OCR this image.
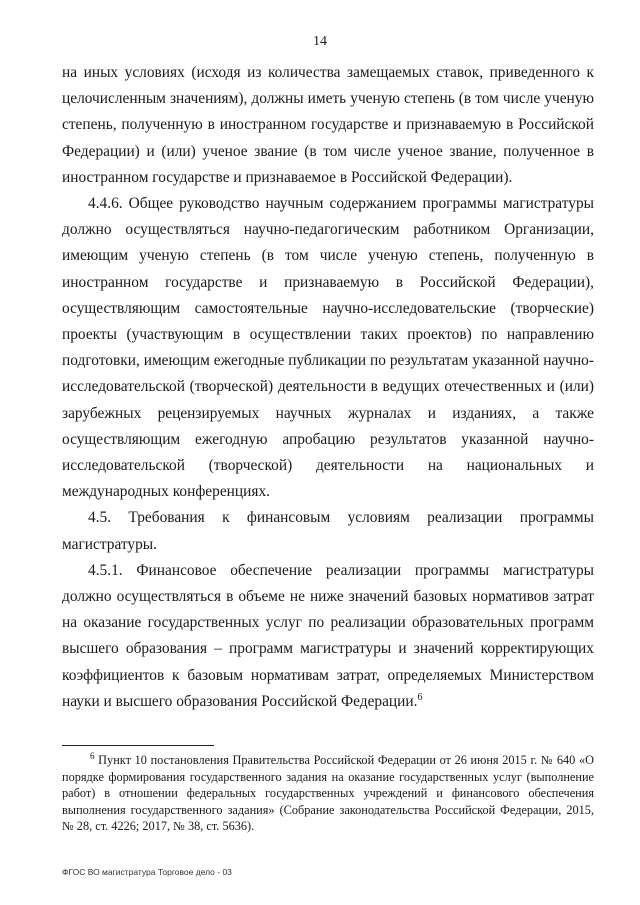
14

на иных условиях (исходя из количества замещаемых ставок, приведенного к целочисленным значениям), должны иметь ученую степень (в том числе ученую степень, полученную в иностранном государстве и признаваемую в Российской Федерации) и (или) ученое звание (в том числе ученое звание, полученное в иностранном государстве и признаваемое в Российской Федерации).

4.4.6. Общее руководство научным содержанием программы магистратуры должно осуществляться научно-педагогическим работником Организации, имеющим ученую степень (в том числе ученую степень, полученную в иностранном государстве и признаваемую в Российской Федерации), осуществляющим самостоятельные научно-исследовательские (творческие) проекты (участвующим в осуществлении таких проектов) по направлению подготовки, имеющим ежегодные публикации по результатам указанной научно-исследовательской (творческой) деятельности в ведущих отечественных и (или) зарубежных рецензируемых научных журналах и изданиях, а также осуществляющим ежегодную апробацию результатов указанной научно-исследовательской (творческой) деятельности на национальных и международных конференциях.

4.5. Требования к финансовым условиям реализации программы магистратуры.

4.5.1. Финансовое обеспечение реализации программы магистратуры должно осуществляться в объеме не ниже значений базовых нормативов затрат на оказание государственных услуг по реализации образовательных программ высшего образования – программ магистратуры и значений корректирующих коэффициентов к базовым нормативам затрат, определяемых Министерством науки и высшего образования Российской Федерации.$^6$

$^6$ Пункт 10 постановления Правительства Российской Федерации от 26 июня 2015 г. № 640 «О порядке формирования государственного задания на оказание государственных услуг (выполнение работ) в отношении федеральных государственных учреждений и финансового обеспечения выполнения государственного задания» (Собрание законодательства Российской Федерации, 2015, № 28, ст. 4226; 2017, № 38, ст. 5636).
ФГОС ВО магистратура Торговое дело - 03
